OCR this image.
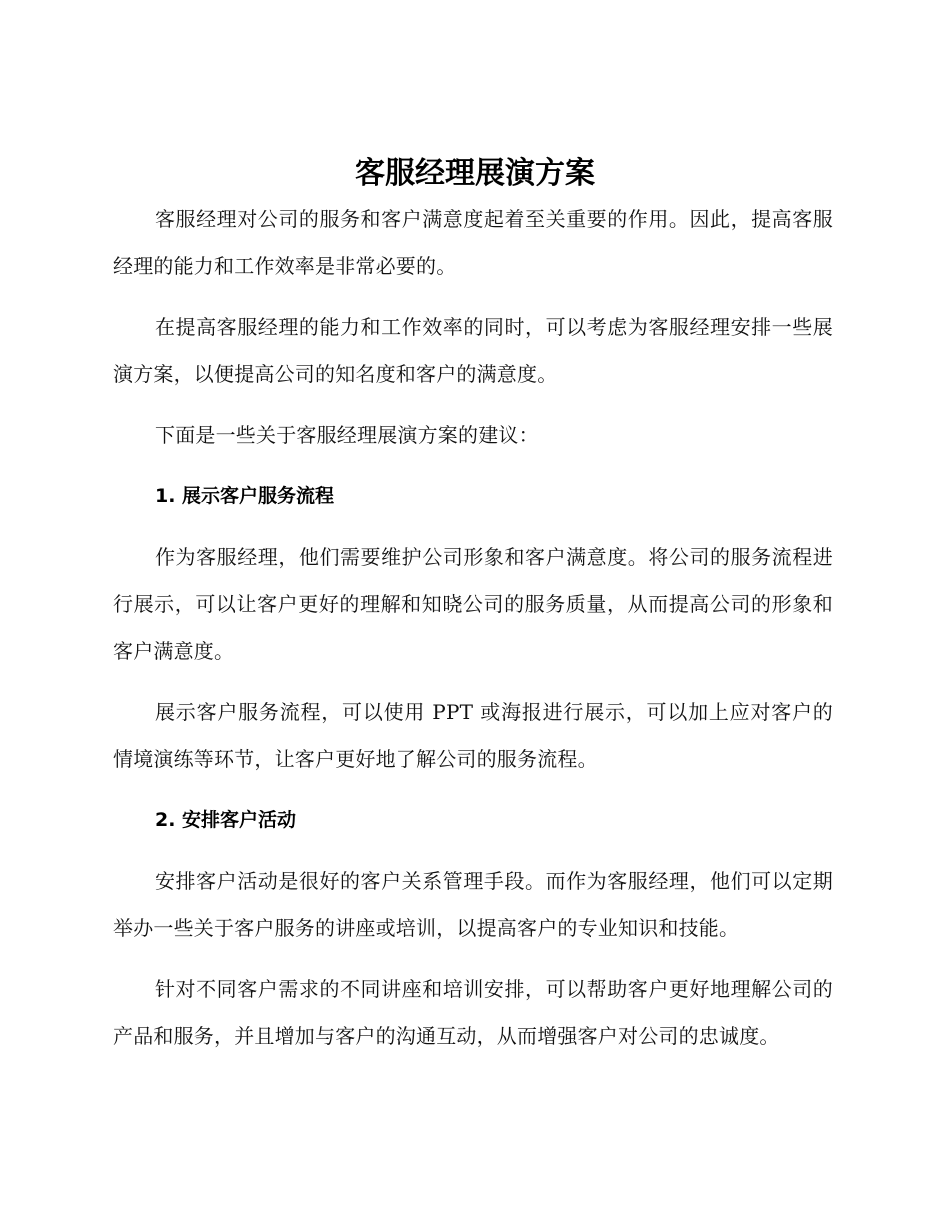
客服经理展演方案

客服经理对公司的服务和客户满意度起着至关重要的作用。因此，提高客服经理的能力和工作效率是非常必要的。

在提高客服经理的能力和工作效率的同时，可以考虑为客服经理安排一些展演方案，以便提高公司的知名度和客户的满意度。

下面是一些关于客服经理展演方案的建议：

1. 展示客户服务流程

作为客服经理，他们需要维护公司形象和客户满意度。将公司的服务流程进行展示，可以让客户更好的理解和知晓公司的服务质量，从而提高公司的形象和客户满意度。

展示客户服务流程，可以使用 PPT 或海报进行展示，可以加上应对客户的情境演练等环节，让客户更好地了解公司的服务流程。

2. 安排客户活动

安排客户活动是很好的客户关系管理手段。而作为客服经理，他们可以定期举办一些关于客户服务的讲座或培训，以提高客户的专业知识和技能。

针对不同客户需求的不同讲座和培训安排，可以帮助客户更好地理解公司的产品和服务，并且增加与客户的沟通互动，从而增强客户对公司的忠诚度。
